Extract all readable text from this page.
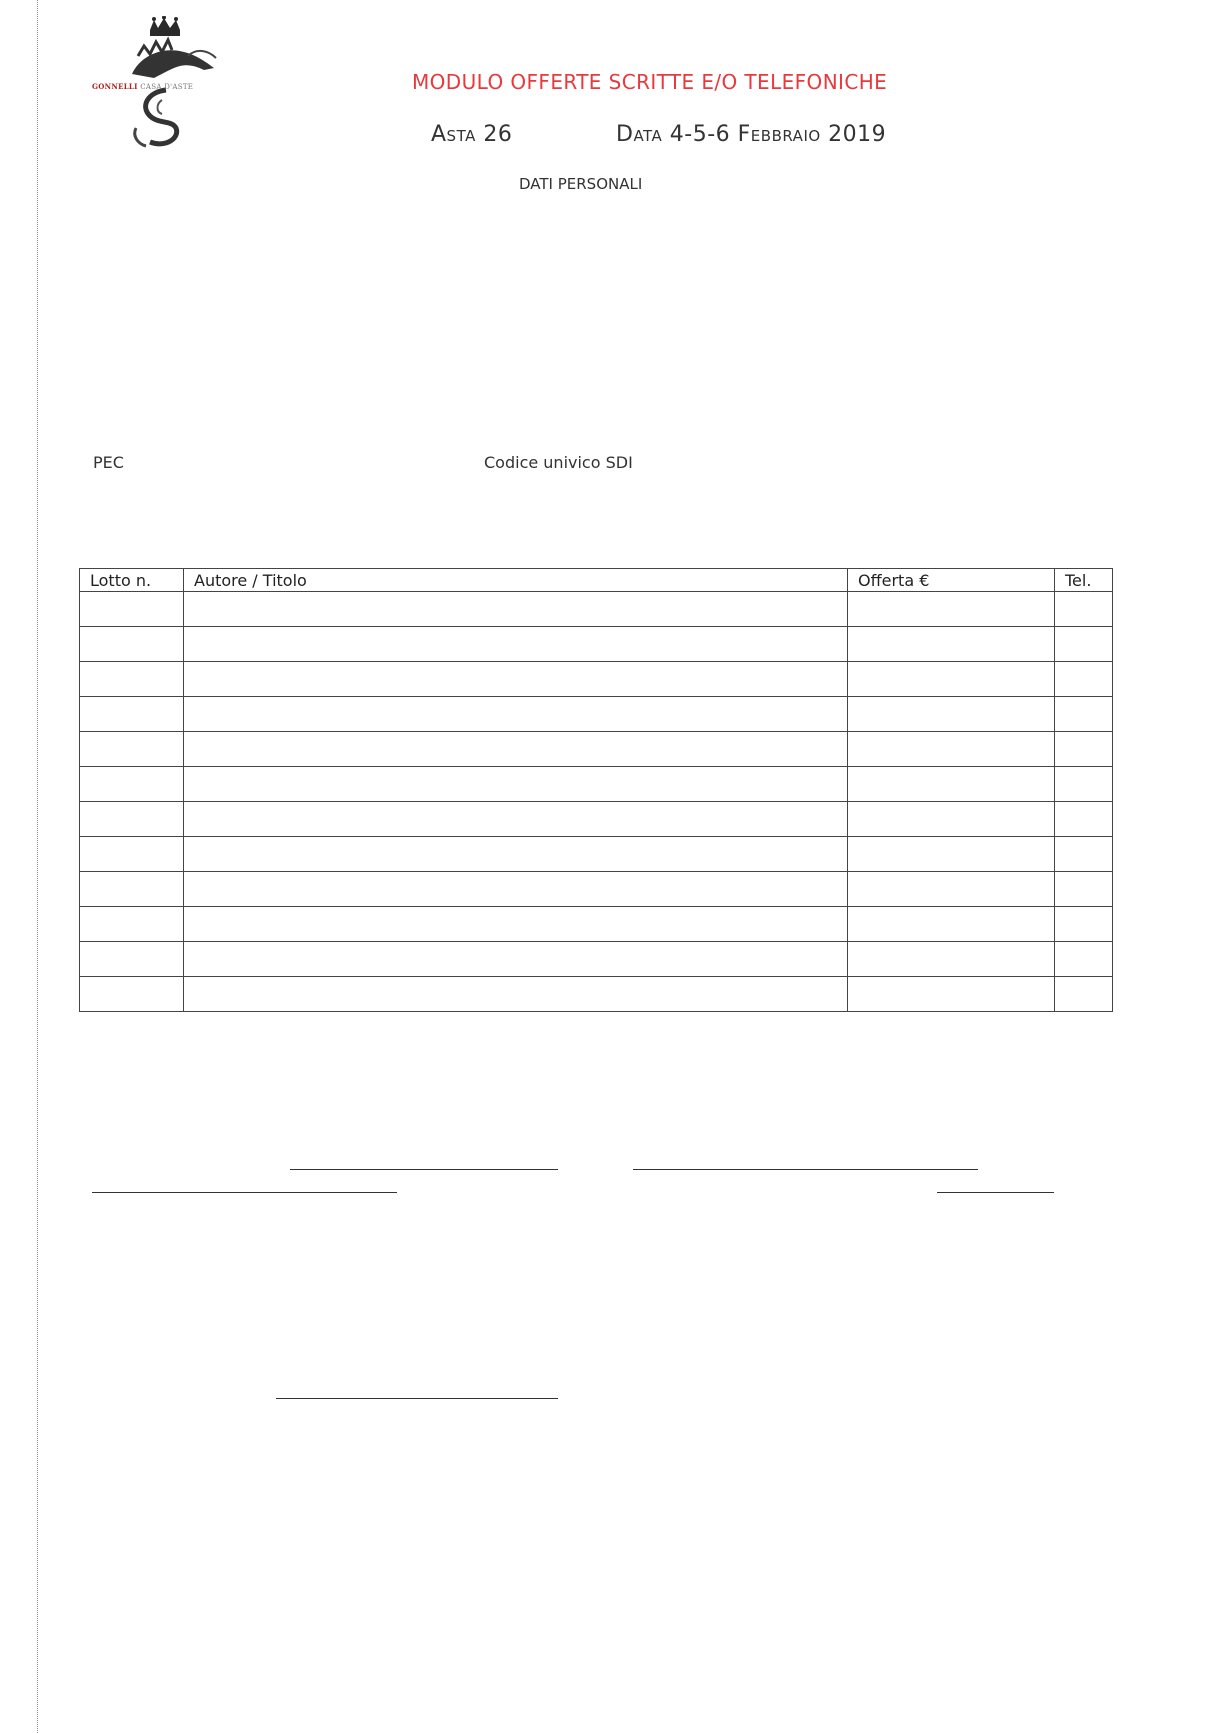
GONNELLI CASA D'ASTE	MODULO OFFERTE SCRITTE E/O TELEFONICHE
Asta 26	Data 4-5-6 Febbraio 2019
DATI PERSONALI
PEC	Codice univico SDI
Lotto n.	Autore / Titolo	Offerta €	Tel.
